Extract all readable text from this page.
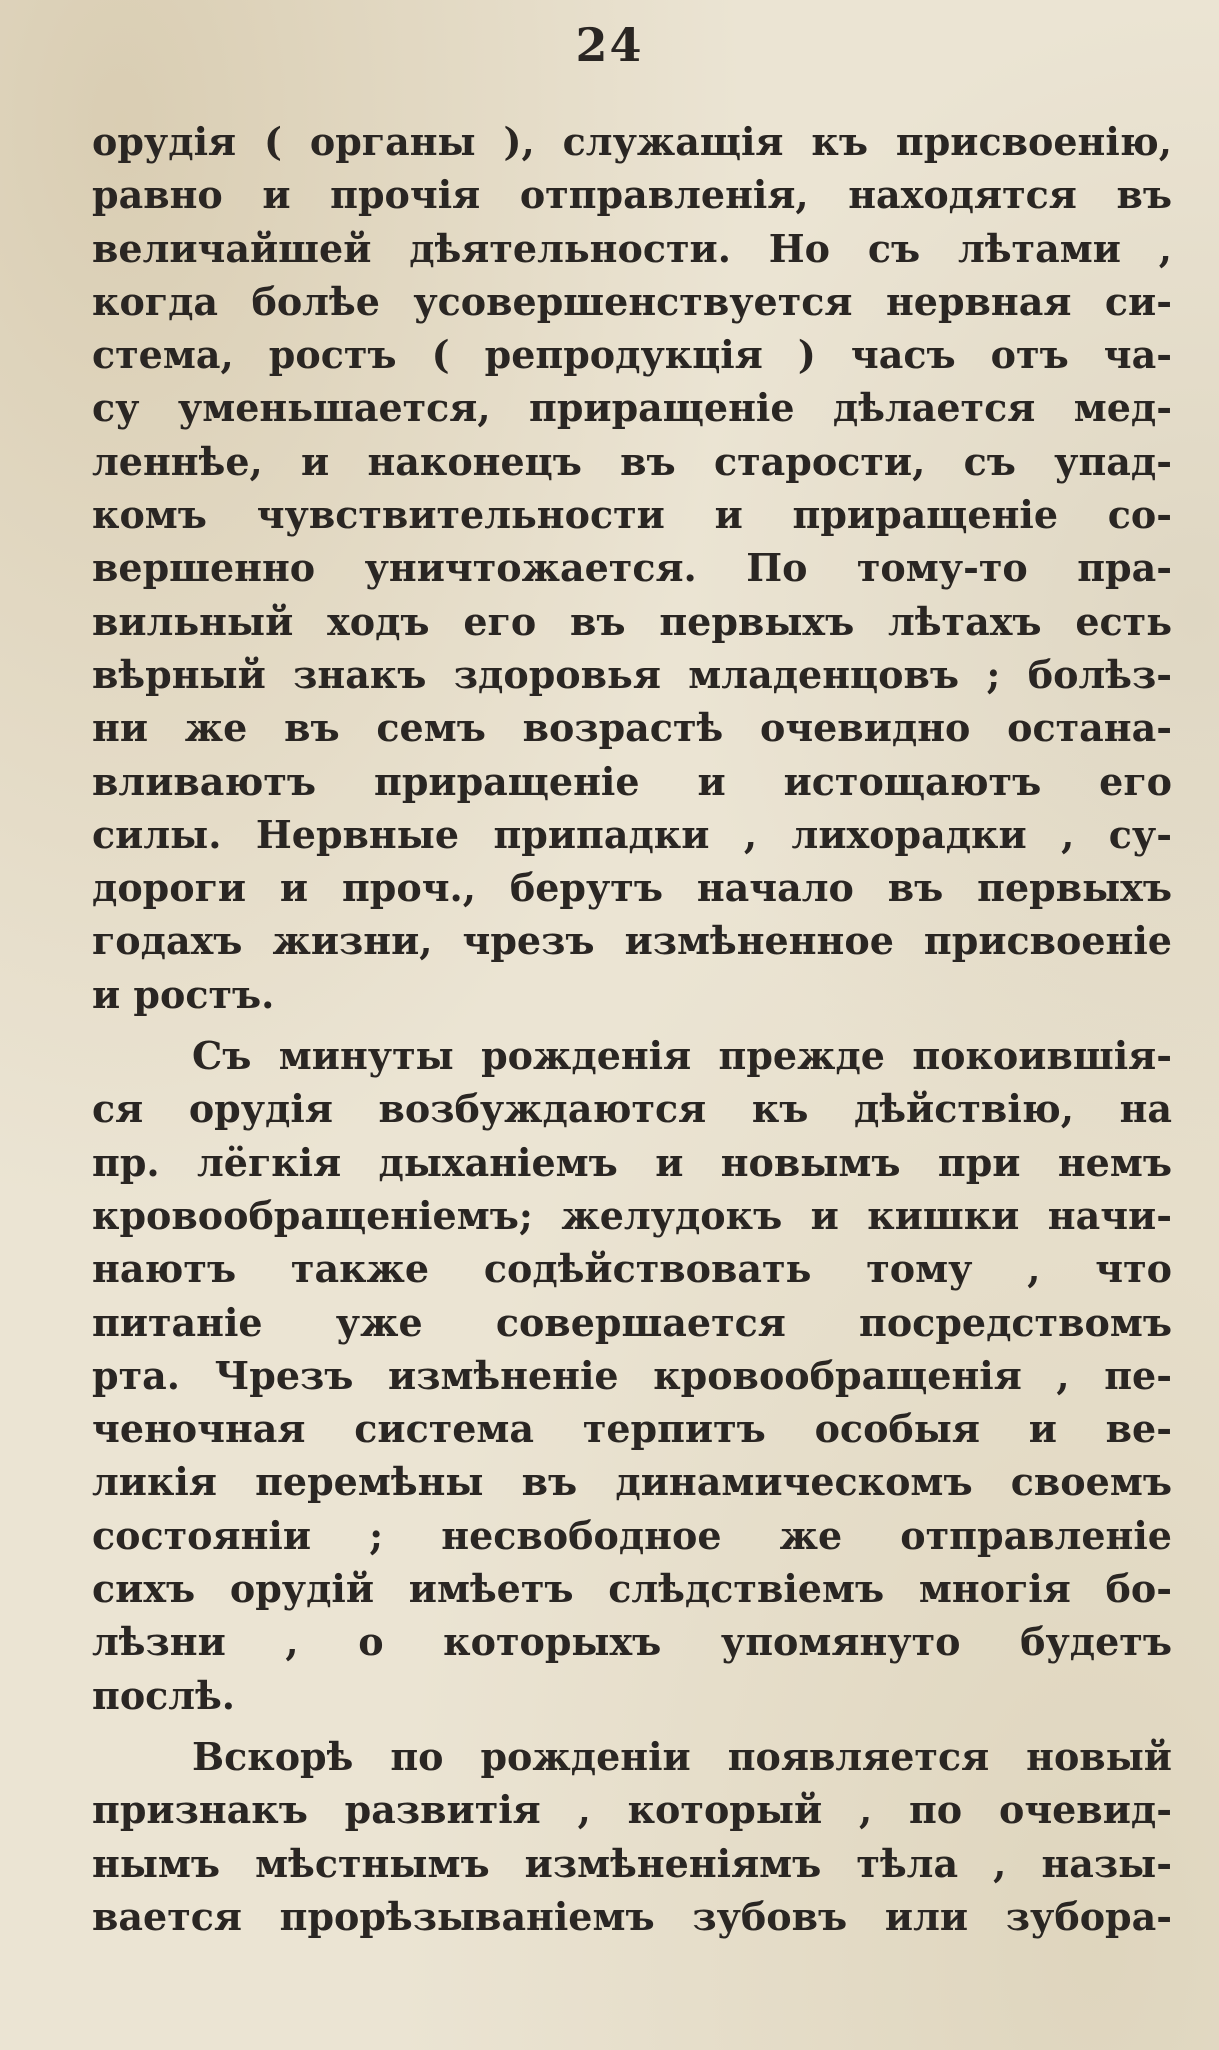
24
орудія ( органы ), служащія къ присвоенію,
равно и прочія отправленія, находятся въ
величайшей дѣятельности. Но съ лѣтами ,
когда болѣе усовершенствуется нервная си-
стема, ростъ ( репродукція ) часъ отъ ча-
су уменьшается, приращеніе дѣлается мед-
леннѣе, и наконецъ въ старости, съ упад-
комъ чувствительности и приращеніе со-
вершенно уничтожается. По тому-то пра-
вильный ходъ его въ первыхъ лѣтахъ есть
вѣрный знакъ здоровья младенцовъ ; болѣз-
ни же въ семъ возрастѣ очевидно остана-
вливаютъ приращеніе и истощаютъ его
силы. Нервные припадки , лихорадки , су-
дороги и проч., берутъ начало въ первыхъ
годахъ жизни, чрезъ измѣненное присвоеніе
и ростъ.
Съ минуты рожденія прежде покоившія-
ся орудія возбуждаются къ дѣйствію, на
пр. лёгкія дыханіемъ и новымъ при немъ
кровообращеніемъ; желудокъ и кишки начи-
наютъ также содѣйствовать тому , что
питаніе уже совершается посредствомъ
рта. Чрезъ измѣненіе кровообращенія , пе-
ченочная система терпитъ особыя и ве-
ликія перемѣны въ динамическомъ своемъ
состояніи ; несвободное же отправленіе
сихъ орудій имѣетъ слѣдствіемъ многія бо-
лѣзни , о которыхъ упомянуто будетъ
послѣ.
Вскорѣ по рожденіи появляется новый
признакъ развитія , который , по очевид-
нымъ мѣстнымъ измѣненіямъ тѣла , назы-
вается прорѣзываніемъ зубовъ или зубора-
